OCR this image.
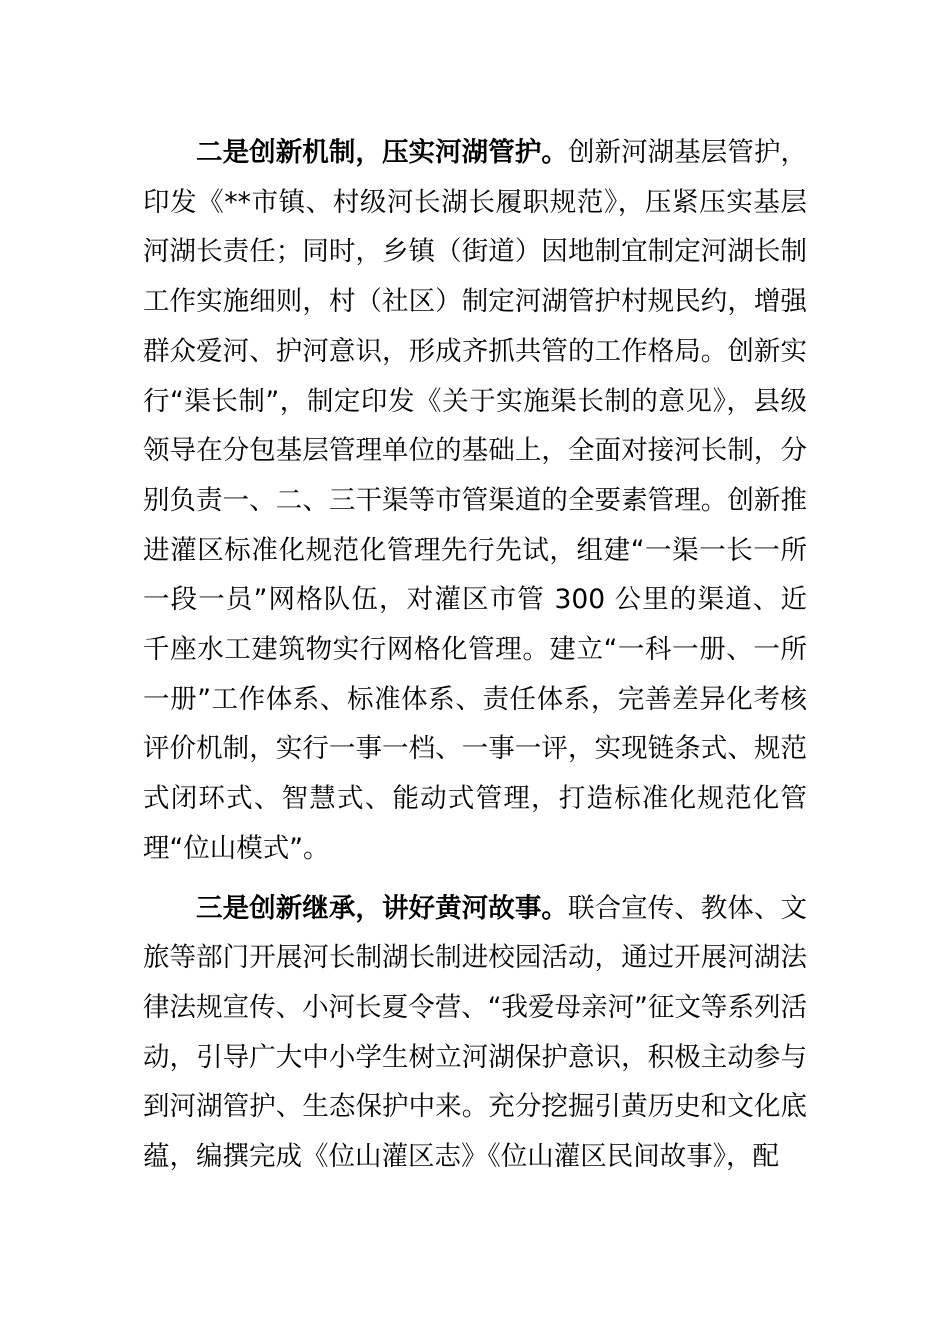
二是创新机制，压实河湖管护。创新河湖基层管护，印发《**市镇、村级河长湖长履职规范》，压紧压实基层河湖长责任；同时，乡镇（街道）因地制宜制定河湖长制工作实施细则，村（社区）制定河湖管护村规民约，增强群众爱河、护河意识，形成齐抓共管的工作格局。创新实行“渠长制”，制定印发《关于实施渠长制的意见》，县级领导在分包基层管理单位的基础上，全面对接河长制，分别负责一、二、三干渠等市管渠道的全要素管理。创新推进灌区标准化规范化管理先行先试，组建“一渠一长一所一段一员”网格队伍，对灌区市管 300 公里的渠道、近千座水工建筑物实行网格化管理。建立“一科一册、一所一册”工作体系、标准体系、责任体系，完善差异化考核评价机制，实行一事一档、一事一评，实现链条式、规范式闭环式、智慧式、能动式管理，打造标准化规范化管理“位山模式”。

三是创新继承，讲好黄河故事。联合宣传、教体、文旅等部门开展河长制湖长制进校园活动，通过开展河湖法律法规宣传、小河长夏令营、“我爱母亲河”征文等系列活动，引导广大中小学生树立河湖保护意识，积极主动参与到河湖管护、生态保护中来。充分挖掘引黄历史和文化底蕴，编撰完成《位山灌区志》《位山灌区民间故事》，配
